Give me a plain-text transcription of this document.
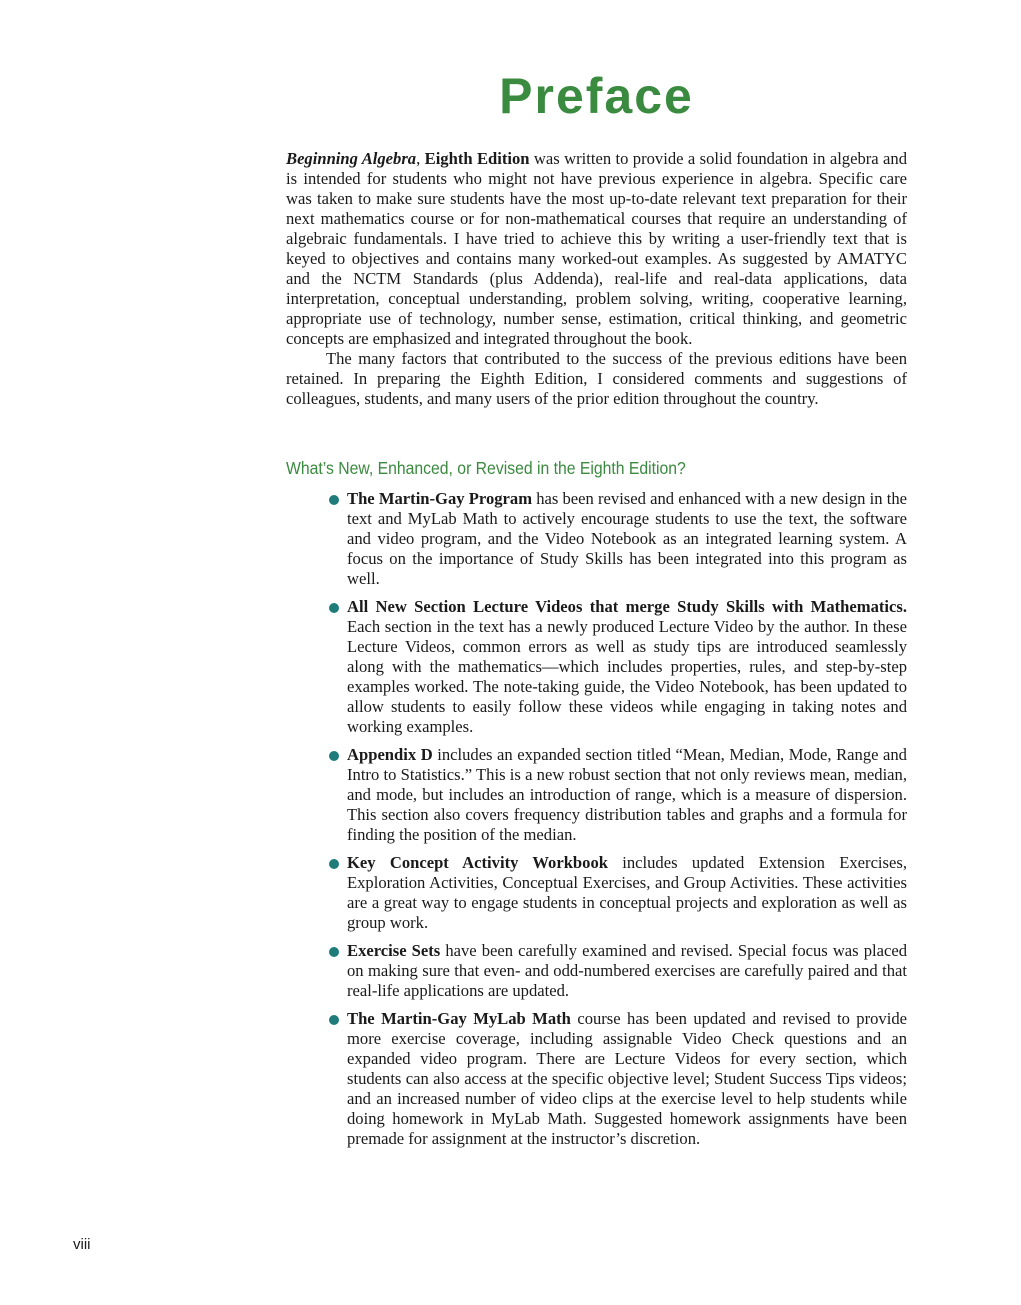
Preface

Beginning Algebra, Eighth Edition was written to provide a solid foundation in algebra and is intended for students who might not have previous experience in algebra. Specific care was taken to make sure students have the most up-to-date relevant text preparation for their next mathematics course or for non-mathematical courses that require an understanding of algebraic fundamentals. I have tried to achieve this by writing a user-friendly text that is keyed to objectives and contains many worked-out examples. As suggested by AMATYC and the NCTM Standards (plus Addenda), real-life and real-data applications, data interpretation, conceptual understanding, problem solving, writing, cooperative learning, appropriate use of technology, number sense, estimation, critical thinking, and geometric concepts are emphasized and integrated throughout the book.

The many factors that contributed to the success of the previous editions have been retained. In preparing the Eighth Edition, I considered comments and suggestions of colleagues, students, and many users of the prior edition throughout the country.

What’s New, Enhanced, or Revised in the Eighth Edition?
The Martin-Gay Program has been revised and enhanced with a new design in the text and MyLab Math to actively encourage students to use the text, the software and video program, and the Video Notebook as an integrated learning system. A focus on the importance of Study Skills has been integrated into this program as well.
All New Section Lecture Videos that merge Study Skills with Mathematics. Each section in the text has a newly produced Lecture Video by the author. In these Lecture Videos, common errors as well as study tips are introduced seamlessly along with the mathematics—which includes properties, rules, and step-by-step examples worked. The note-taking guide, the Video Notebook, has been updated to allow students to easily follow these videos while engaging in taking notes and working examples.
Appendix D includes an expanded section titled “Mean, Median, Mode, Range and Intro to Statistics.” This is a new robust section that not only reviews mean, median, and mode, but includes an introduction of range, which is a measure of dispersion. This section also covers frequency distribution tables and graphs and a formula for finding the position of the median.
Key Concept Activity Workbook includes updated Extension Exercises, Exploration Activities, Conceptual Exercises, and Group Activities. These activities are a great way to engage students in conceptual projects and exploration as well as group work.
Exercise Sets have been carefully examined and revised. Special focus was placed on making sure that even- and odd-numbered exercises are carefully paired and that real-life applications are updated.
The Martin-Gay MyLab Math course has been updated and revised to provide more exercise coverage, including assignable Video Check questions and an expanded video program. There are Lecture Videos for every section, which students can also access at the specific objective level; Student Success Tips videos; and an increased number of video clips at the exercise level to help students while doing homework in MyLab Math. Suggested homework assignments have been premade for assignment at the instructor’s discretion.
viii
